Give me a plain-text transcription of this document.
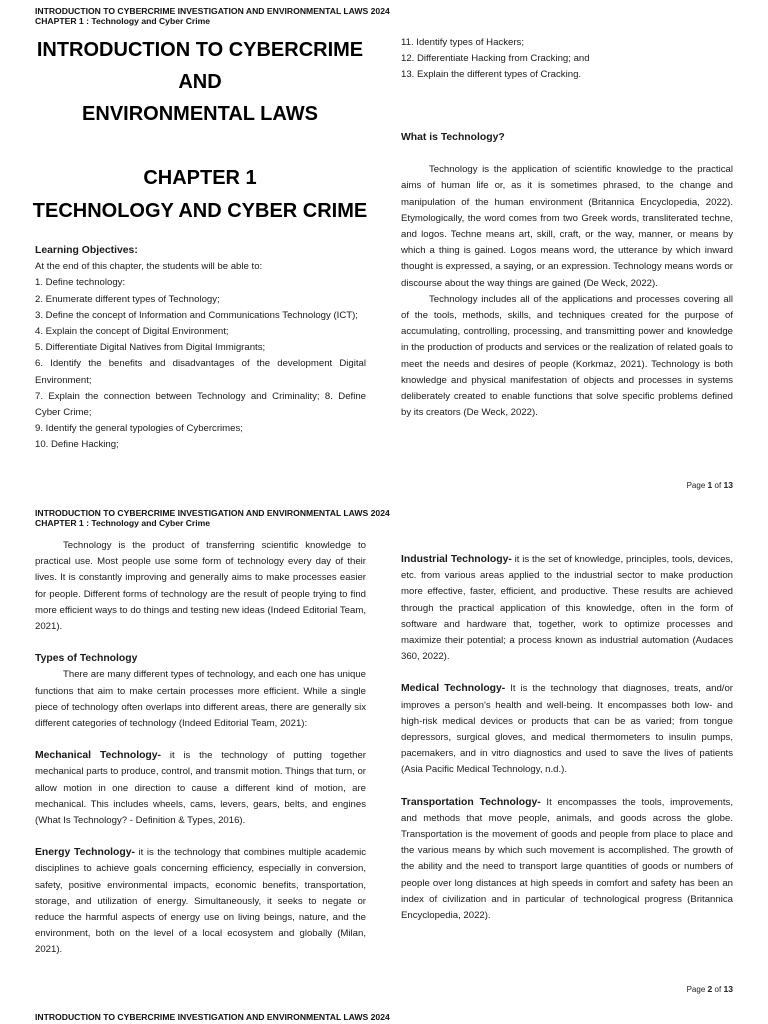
INTRODUCTION TO CYBERCRIME INVESTIGATION AND ENVIRONMENTAL LAWS 2024
CHAPTER 1 : Technology and Cyber Crime
INTRODUCTION TO CYBERCRIME
AND
ENVIRONMENTAL LAWS
CHAPTER 1
TECHNOLOGY AND CYBER CRIME

Learning Objectives:

At the end of this chapter, the students will be able to:

1. Define technology:

2. Enumerate different types of Technology;

3. Define the concept of Information and Communications Technology (ICT);

4. Explain the concept of Digital Environment;

5. Differentiate Digital Natives from Digital Immigrants;

6. Identify the benefits and disadvantages of the development Digital Environment;

7. Explain the connection between Technology and Criminality; 8. Define Cyber Crime;

9. Identify the general typologies of Cybercrimes;

10. Define Hacking;

11. Identify types of Hackers;

12. Differentiate Hacking from Cracking; and

13. Explain the different types of Cracking.

What is Technology?

Technology is the application of scientific knowledge to the practical aims of human life or, as it is sometimes phrased, to the change and manipulation of the human environment (Britannica Encyclopedia, 2022). Etymologically, the word comes from two Greek words, transliterated techne, and logos. Techne means art, skill, craft, or the way, manner, or means by which a thing is gained. Logos means word, the utterance by which inward thought is expressed, a saying, or an expression. Technology means words or discourse about the way things are gained (De Weck, 2022).

Technology includes all of the applications and processes covering all of the tools, methods, skills, and techniques created for the purpose of accumulating, controlling, processing, and transmitting power and knowledge in the production of products and services or the realization of related goals to meet the needs and desires of people (Korkmaz, 2021). Technology is both knowledge and physical manifestation of objects and processes in systems deliberately created to enable functions that solve specific problems defined by its creators (De Weck, 2022).

Page 1 of 13
INTRODUCTION TO CYBERCRIME INVESTIGATION AND ENVIRONMENTAL LAWS 2024
CHAPTER 1 : Technology and Cyber Crime

Technology is the product of transferring scientific knowledge to practical use. Most people use some form of technology every day of their lives. It is constantly improving and generally aims to make processes easier for people. Different forms of technology are the result of people trying to find more efficient ways to do things and testing new ideas (Indeed Editorial Team, 2021).

Types of Technology

There are many different types of technology, and each one has unique functions that aim to make certain processes more efficient. While a single piece of technology often overlaps into different areas, there are generally six different categories of technology (Indeed Editorial Team, 2021):

Mechanical Technology- it is the technology of putting together mechanical parts to produce, control, and transmit motion. Things that turn, or allow motion in one direction to cause a different kind of motion, are mechanical. This includes wheels, cams, levers, gears, belts, and engines (What Is Technology? - Definition & Types, 2016).

Energy Technology- it is the technology that combines multiple academic disciplines to achieve goals concerning efficiency, especially in conversion, safety, positive environmental impacts, economic benefits, transportation, storage, and utilization of energy. Simultaneously, it seeks to negate or reduce the harmful aspects of energy use on living beings, nature, and the environment, both on the level of a local ecosystem and globally (Milan, 2021).

Industrial Technology- it is the set of knowledge, principles, tools, devices, etc. from various areas applied to the industrial sector to make production more effective, faster, efficient, and productive. These results are achieved through the practical application of this knowledge, often in the form of software and hardware that, together, work to optimize processes and maximize their potential; a process known as industrial automation (Audaces 360, 2022).

Medical Technology- It is the technology that diagnoses, treats, and/or improves a person's health and well-being. It encompasses both low- and high-risk medical devices or products that can be as varied; from tongue depressors, surgical gloves, and medical thermometers to insulin pumps, pacemakers, and in vitro diagnostics and used to save the lives of patients (Asia Pacific Medical Technology, n.d.).

Transportation Technology- It encompasses the tools, improvements, and methods that move people, animals, and goods across the globe. Transportation is the movement of goods and people from place to place and the various means by which such movement is accomplished. The growth of the ability and the need to transport large quantities of goods or numbers of people over long distances at high speeds in comfort and safety has been an index of civilization and in particular of technological progress (Britannica Encyclopedia, 2022).

Page 2 of 13
INTRODUCTION TO CYBERCRIME INVESTIGATION AND ENVIRONMENTAL LAWS 2024
